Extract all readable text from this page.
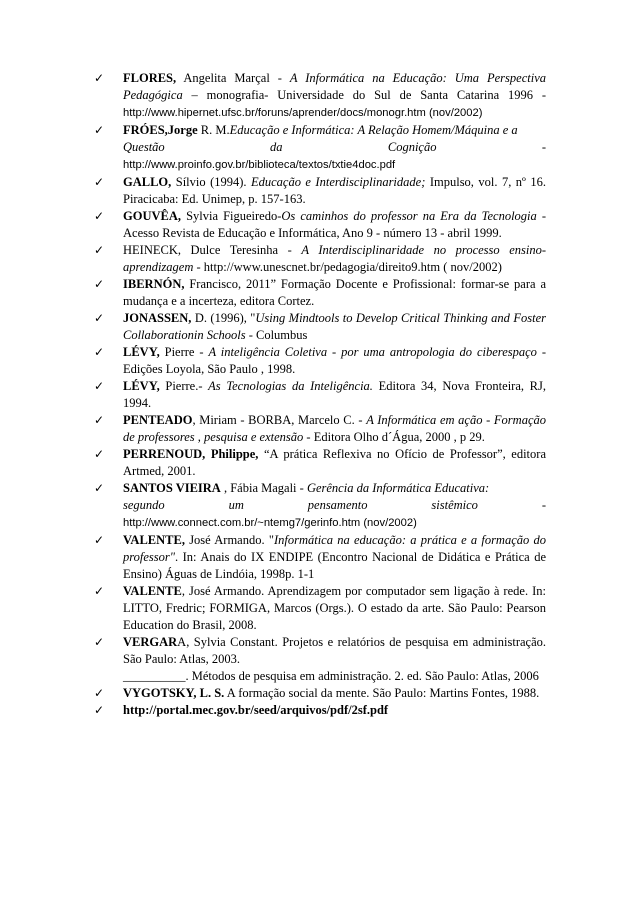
✓	FLORES, Angelita Marçal - A Informática na Educação: Uma Perspectiva Pedagógica – monografia- Universidade do Sul de Santa Catarina 1996 - http://www.hipernet.ufsc.br/foruns/aprender/docs/monogr.htm (nov/2002)
✓	FRÓES,Jorge R. M.Educação e Informática: A Relação Homem/Máquina e a
Questão	da	Cognição	-
http://www.proinfo.gov.br/biblioteca/textos/txtie4doc.pdf
✓	GALLO, Sílvio (1994). Educação e Interdisciplinaridade; Impulso, vol. 7, nº 16. Piracicaba: Ed. Unimep, p. 157-163.
✓	GOUVÊA, Sylvia Figueiredo-Os caminhos do professor na Era da Tecnologia - Acesso Revista de Educação e Informática, Ano 9 - número 13 - abril 1999.
✓	HEINECK, Dulce Teresinha - A Interdisciplinaridade no processo ensino-aprendizagem - http://www.unescnet.br/pedagogia/direito9.htm ( nov/2002)
✓	IBERNÓN, Francisco, 2011” Formação Docente e Profissional: formar-se para a mudança e a incerteza, editora Cortez.
✓	JONASSEN, D. (1996), "Using Mindtools to Develop Critical Thinking and Foster Collaborationin Schools - Columbus
✓	LÉVY, Pierre - A inteligência Coletiva - por uma antropologia do ciberespaço - Edições Loyola, São Paulo , 1998.
✓	LÉVY, Pierre.- As Tecnologias da Inteligência. Editora 34, Nova Fronteira, RJ, 1994.
✓	PENTEADO, Miriam - BORBA, Marcelo C. - A Informática em ação - Formação de professores , pesquisa e extensão - Editora Olho d´Água, 2000 , p 29.
✓	PERRENOUD, Philippe, “A prática Reflexiva no Ofício de Professor”, editora Artmed, 2001.
✓	SANTOS VIEIRA , Fábia Magali - Gerência da Informática Educativa:
segundo	um	pensamento	sistêmico	-
http://www.connect.com.br/~ntemg7/gerinfo.htm (nov/2002)
✓	VALENTE, José Armando. "Informática na educação: a prática e a formação do professor". In: Anais do IX ENDIPE (Encontro Nacional de Didática e Prática de Ensino) Águas de Lindóia, 1998p. 1-1
✓	VALENTE, José Armando. Aprendizagem por computador sem ligação à rede. In: LITTO, Fredric; FORMIGA, Marcos (Orgs.). O estado da arte. São Paulo: Pearson Education do Brasil, 2008.
✓	VERGARA, Sylvia Constant. Projetos e relatórios de pesquisa em administração. São Paulo: Atlas, 2003.
__________. Métodos de pesquisa em administração. 2. ed. São Paulo: Atlas, 2006
✓	VYGOTSKY, L. S. A formação social da mente. São Paulo: Martins Fontes, 1988.
✓	http://portal.mec.gov.br/seed/arquivos/pdf/2sf.pdf
